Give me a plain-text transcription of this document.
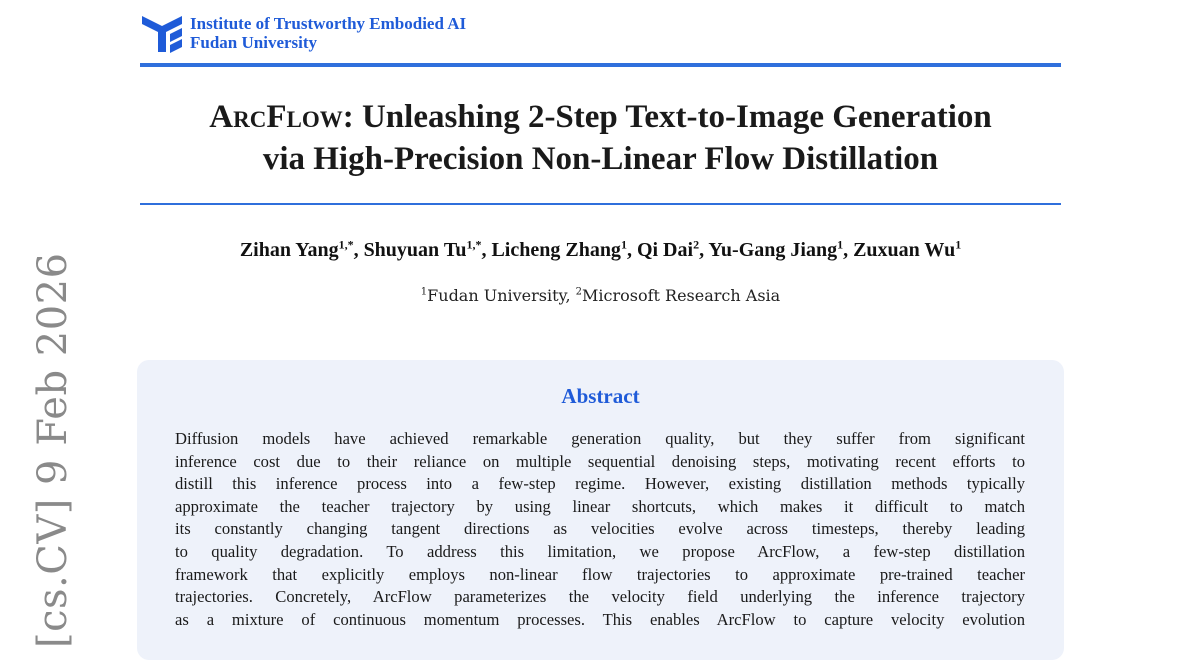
Institute of Trustworthy Embodied AI
Fudan University
ArcFlow: Unleashing 2-Step Text-to-Image Generation
via High-Precision Non-Linear Flow Distillation
Zihan Yang$^{1,*}$, Shuyuan $Tu^{1,*}$, Licheng Zhang$^1$, Qi Dai$^2$, Yu-Gang Jiang$^1$, Zuxuan Wu$^1$
$^1$Fudan University, $^2$Microsoft Research Asia
[cs.CV] 9 Feb 2026	Abstract
Diffusion models have achieved remarkable generation quality, but they suffer from significant
inference cost due to their reliance on multiple sequential denoising steps, motivating recent efforts to
distill this inference process into a few-step regime. However, existing distillation methods typically
approximate the teacher trajectory by using linear shortcuts, which makes it difficult to match
its constantly changing tangent directions as velocities evolve across timesteps, thereby leading
to quality degradation. To address this limitation, we propose ArcFlow, a few-step distillation
framework that explicitly employs non-linear flow trajectories to approximate pre-trained teacher
trajectories. Concretely, ArcFlow parameterizes the velocity field underlying the inference trajectory
as a mixture of continuous momentum processes. This enables ArcFlow to capture velocity evolution
